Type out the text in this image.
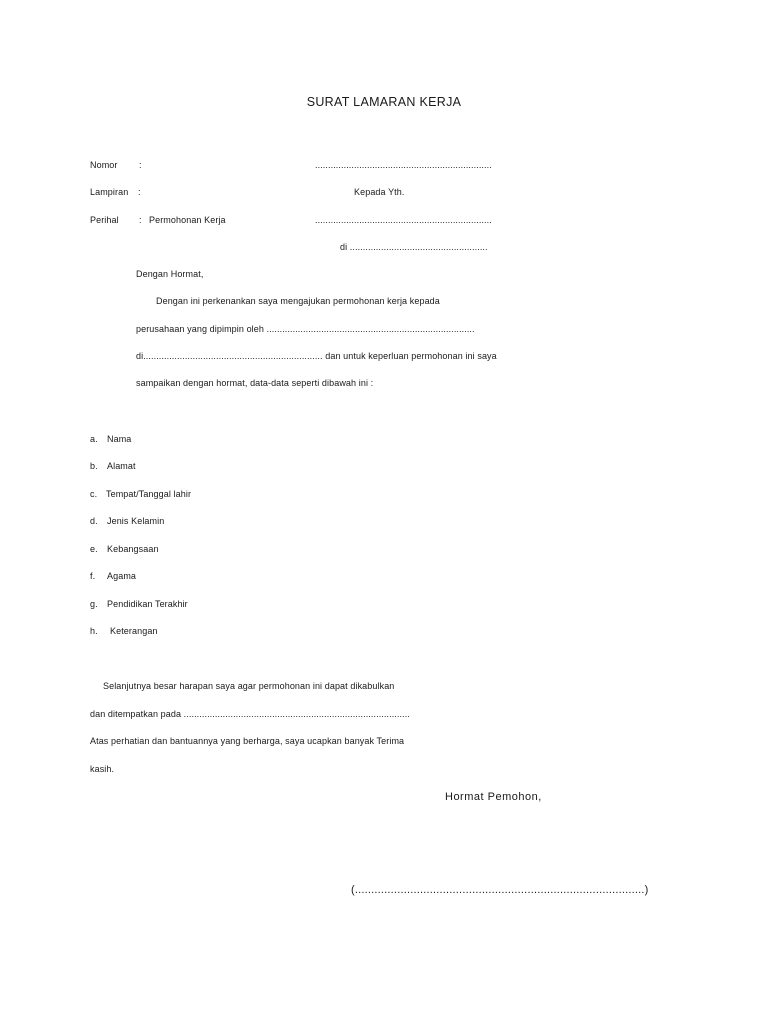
SURAT LAMARAN KERJA
Nomor :	....................................................................
Lampiran :	Kepada Yth.
Perihal : Permohonan Kerja	....................................................................
di .....................................................
Dengan Hormat,
Dengan ini perkenankan saya mengajukan permohonan kerja kepada
perusahaan yang dipimpin oleh ................................................................................
di..................................................................... dan untuk keperluan permohonan ini saya
sampaikan dengan hormat, data-data seperti dibawah ini :
a. Nama
b. Alamat
c. Tempat/Tanggal lahir
d. Jenis Kelamin
e. Kebangsaan
f. Agama
g. Pendidikan Terakhir
h. Keterangan
Selanjutnya besar harapan saya agar permohonan ini dapat dikabulkan
dan ditempatkan pada .......................................................................................
Atas perhatian dan bantuannya yang berharga, saya ucapkan banyak Terima
kasih.
Hormat Pemohon,
(.........................................................................................)
